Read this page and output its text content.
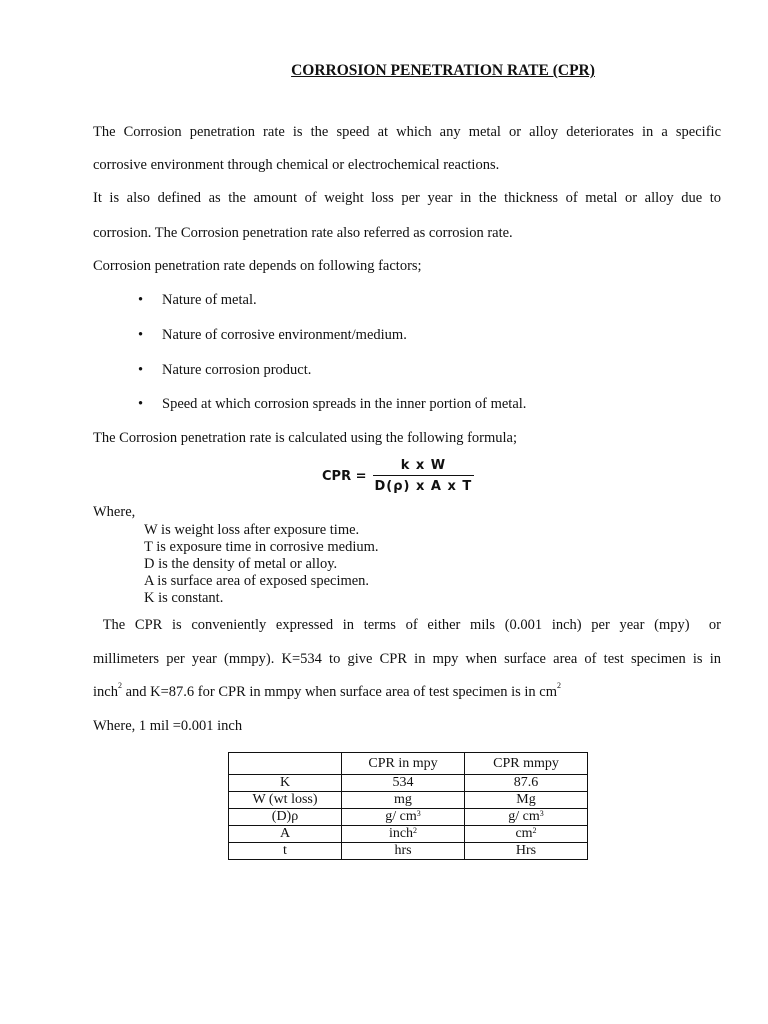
CORROSION PENETRATION RATE (CPR)
The Corrosion penetration rate is the speed at which any metal or alloy deteriorates in a specific
corrosive environment through chemical or electrochemical reactions.
It is also defined as the amount of weight loss per year in the thickness of metal or alloy due to
corrosion. The Corrosion penetration rate also referred as corrosion rate.
Corrosion penetration rate depends on following factors;
• Nature of metal.
• Nature of corrosive environment/medium.
• Nature corrosion product.
• Speed at which corrosion spreads in the inner portion of metal.
The Corrosion penetration rate is calculated using the following formula;
CPR = $\frac{\text{k x W}}{\text{D(ρ) x A x T}}$
Where,
W is weight loss after exposure time.
T is exposure time in corrosive medium.
D is the density of metal or alloy.
A is surface area of exposed specimen.
K is constant.
The CPR is conveniently expressed in terms of either mils (0.001 inch) per year (mpy)  or
millimeters per year (mmpy). K=534 to give CPR in mpy when surface area of test specimen is in
inch$^2$ and K=87.6 for CPR in mmpy when surface area of test specimen is in $cm^2$
Where, 1 mil =0.001 inch
	CPR in mpy	CPR mmpy
K	534	87.6
W (wt loss)	mg	Mg
(D)ρ	g/ $cm^3$	g/ $cm^3$
A	inch$^2$	$cm^2$
t	hrs	Hrs
